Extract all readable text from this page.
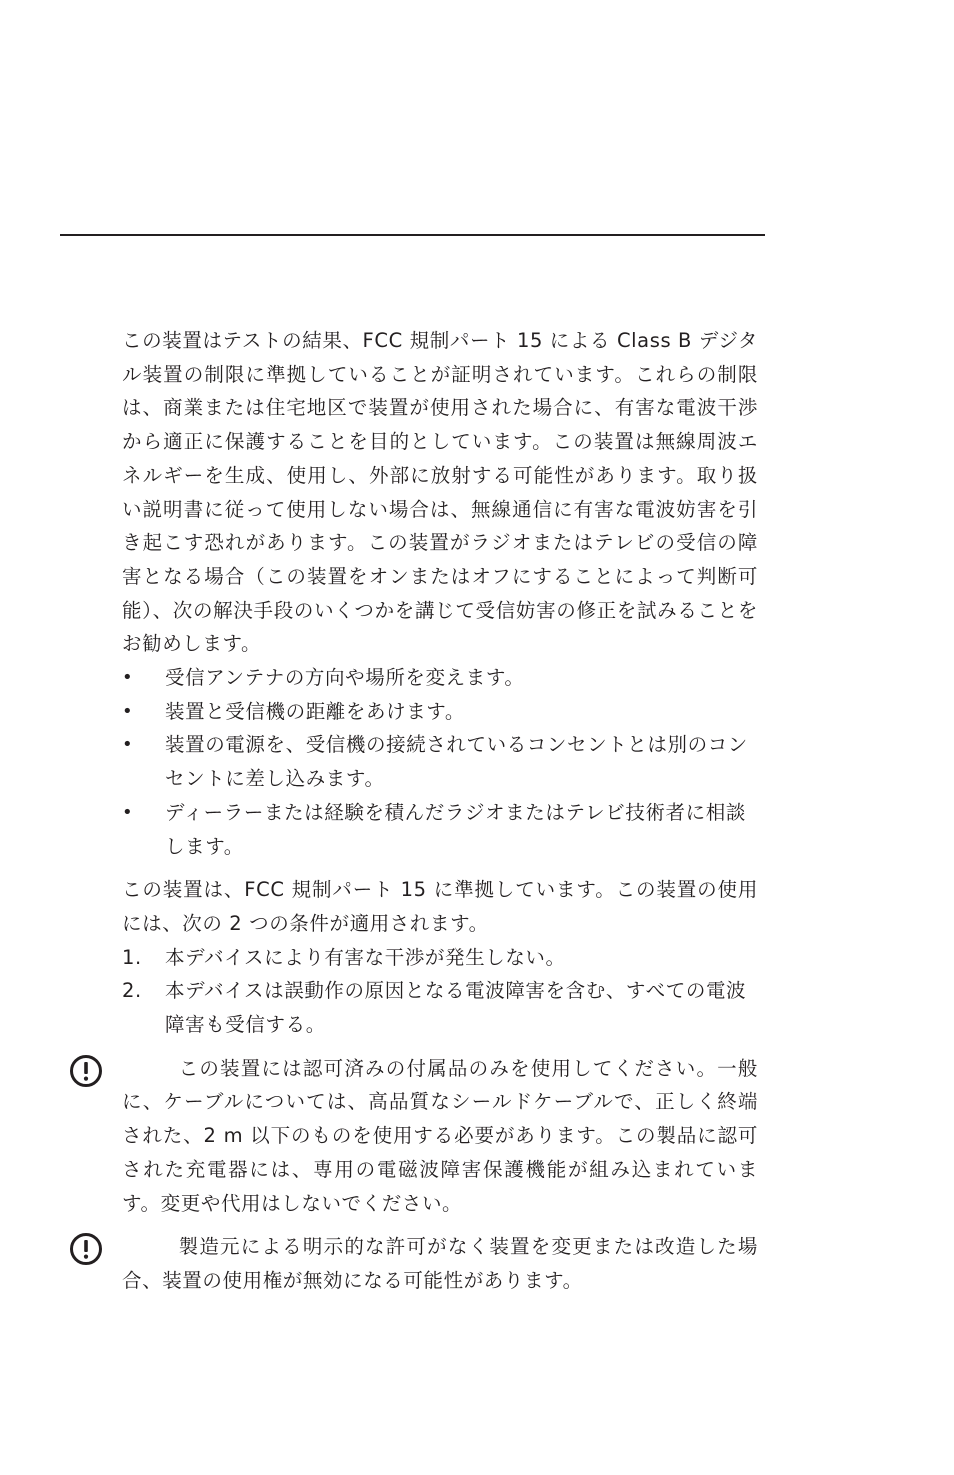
この装置はテストの結果、FCC 規制パート 15 による Class B デジタル装置の制限に準拠していることが証明されています。これらの制限は、商業または住宅地区で装置が使用された場合に、有害な電波干渉から適正に保護することを目的としています。この装置は無線周波エネルギーを生成、使用し、外部に放射する可能性があります。取り扱い説明書に従って使用しない場合は、無線通信に有害な電波妨害を引き起こす恐れがあります。この装置がラジオまたはテレビの受信の障害となる場合（この装置をオンまたはオフにすることによって判断可能）、次の解決手段のいくつかを講じて受信妨害の修正を試みることをお勧めします。

•	受信アンテナの方向や場所を変えます。
•	装置と受信機の距離をあけます。
•	装置の電源を、受信機の接続されているコンセントとは別のコンセントに差し込みます。
•	ディーラーまたは経験を積んだラジオまたはテレビ技術者に相談します。

この装置は、FCC 規制パート 15 に準拠しています。この装置の使用には、次の 2 つの条件が適用されます。

1.	本デバイスにより有害な干渉が発生しない。
2.	本デバイスは誤動作の原因となる電波障害を含む、すべての電波障害も受信する。

この装置には認可済みの付属品のみを使用してください。一般に、ケーブルについては、高品質なシールドケーブルで、正しく終端された、2 m 以下のものを使用する必要があります。この製品に認可された充電器には、専用の電磁波障害保護機能が組み込まれています。変更や代用はしないでください。

製造元による明示的な許可がなく装置を変更または改造した場合、装置の使用権が無効になる可能性があります。
